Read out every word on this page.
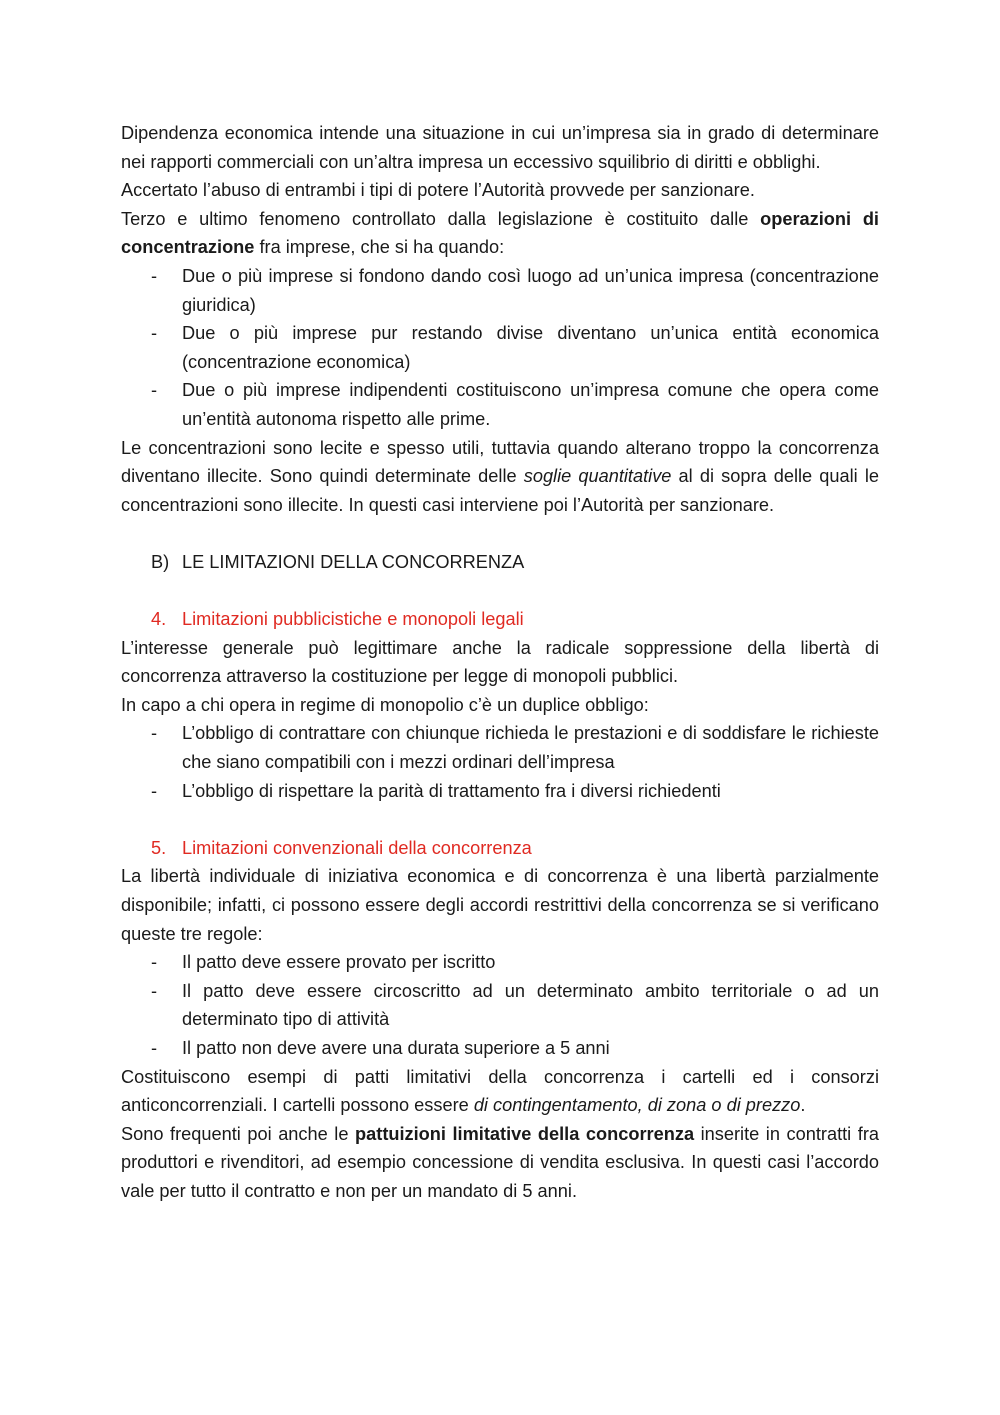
Dipendenza economica intende una situazione in cui un’impresa sia in grado di determinare nei rapporti commerciali con un’altra impresa un eccessivo squilibrio di diritti e obblighi.

Accertato l’abuso di entrambi i tipi di potere l’Autorità provvede per sanzionare.

Terzo e ultimo fenomeno controllato dalla legislazione è costituito dalle operazioni di concentrazione fra imprese, che si ha quando:

- Due o più imprese si fondono dando così luogo ad un’unica impresa (concentrazione giuridica)
- Due o più imprese pur restando divise diventano un’unica entità economica (concentrazione economica)
- Due o più imprese indipendenti costituiscono un’impresa comune che opera come un’entità autonoma rispetto alle prime.

Le concentrazioni sono lecite e spesso utili, tuttavia quando alterano troppo la concorrenza diventano illecite. Sono quindi determinate delle soglie quantitative al di sopra delle quali le concentrazioni sono illecite. In questi casi interviene poi l’Autorità per sanzionare.

B) LE LIMITAZIONI DELLA CONCORRENZA
4. Limitazioni pubblicistiche e monopoli legali

L’interesse generale può legittimare anche la radicale soppressione della libertà di concorrenza attraverso la costituzione per legge di monopoli pubblici.

In capo a chi opera in regime di monopolio c’è un duplice obbligo:

- L’obbligo di contrattare con chiunque richieda le prestazioni e di soddisfare le richieste che siano compatibili con i mezzi ordinari dell’impresa
- L’obbligo di rispettare la parità di trattamento fra i diversi richiedenti
5. Limitazioni convenzionali della concorrenza

La libertà individuale di iniziativa economica e di concorrenza è una libertà parzialmente disponibile; infatti, ci possono essere degli accordi restrittivi della concorrenza se si verificano queste tre regole:

- Il patto deve essere provato per iscritto
- Il patto deve essere circoscritto ad un determinato ambito territoriale o ad un determinato tipo di attività
- Il patto non deve avere una durata superiore a 5 anni

Costituiscono esempi di patti limitativi della concorrenza i cartelli ed i consorzi anticoncorrenziali. I cartelli possono essere di contingentamento, di zona o di prezzo.

Sono frequenti poi anche le pattuizioni limitative della concorrenza inserite in contratti fra produttori e rivenditori, ad esempio concessione di vendita esclusiva. In questi casi l’accordo vale per tutto il contratto e non per un mandato di 5 anni.
